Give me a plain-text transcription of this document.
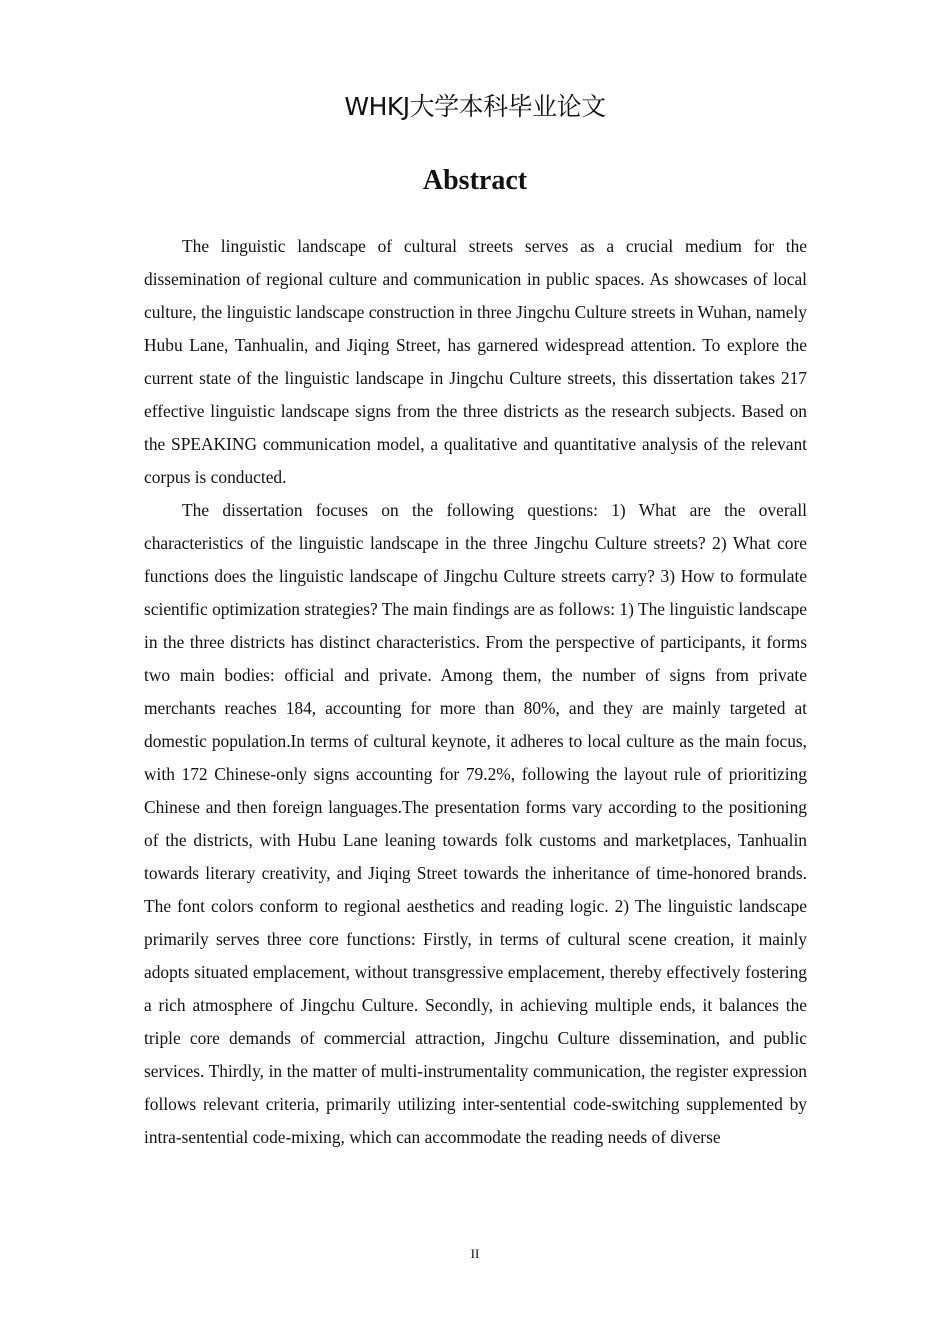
WHKJ大学本科毕业论文
Abstract

The linguistic landscape of cultural streets serves as a crucial medium for the dissemination of regional culture and communication in public spaces. As showcases of local culture, the linguistic landscape construction in three Jingchu Culture streets in Wuhan, namely Hubu Lane, Tanhualin, and Jiqing Street, has garnered widespread attention. To explore the current state of the linguistic landscape in Jingchu Culture streets, this dissertation takes 217 effective linguistic landscape signs from the three districts as the research subjects. Based on the SPEAKING communication model, a qualitative and quantitative analysis of the relevant corpus is conducted.

The dissertation focuses on the following questions: 1) What are the overall characteristics of the linguistic landscape in the three Jingchu Culture streets? 2) What core functions does the linguistic landscape of Jingchu Culture streets carry? 3) How to formulate scientific optimization strategies? The main findings are as follows: 1) The linguistic landscape in the three districts has distinct characteristics. From the perspective of participants, it forms two main bodies: official and private. Among them, the number of signs from private merchants reaches 184, accounting for more than 80%, and they are mainly targeted at domestic population.In terms of cultural keynote, it adheres to local culture as the main focus, with 172 Chinese-only signs accounting for 79.2%, following the layout rule of prioritizing Chinese and then foreign languages.The presentation forms vary according to the positioning of the districts, with Hubu Lane leaning towards folk customs and marketplaces, Tanhualin towards literary creativity, and Jiqing Street towards the inheritance of time-honored brands. The font colors conform to regional aesthetics and reading logic. 2) The linguistic landscape primarily serves three core functions: Firstly, in terms of cultural scene creation, it mainly adopts situated emplacement, without transgressive emplacement, thereby effectively fostering a rich atmosphere of Jingchu Culture. Secondly, in achieving multiple ends, it balances the triple core demands of commercial attraction, Jingchu Culture dissemination, and public services. Thirdly, in the matter of multi-instrumentality communication, the register expression follows relevant criteria, primarily utilizing inter-sentential code-switching supplemented by intra-sentential code-mixing, which can accommodate the reading needs of diverse

II
